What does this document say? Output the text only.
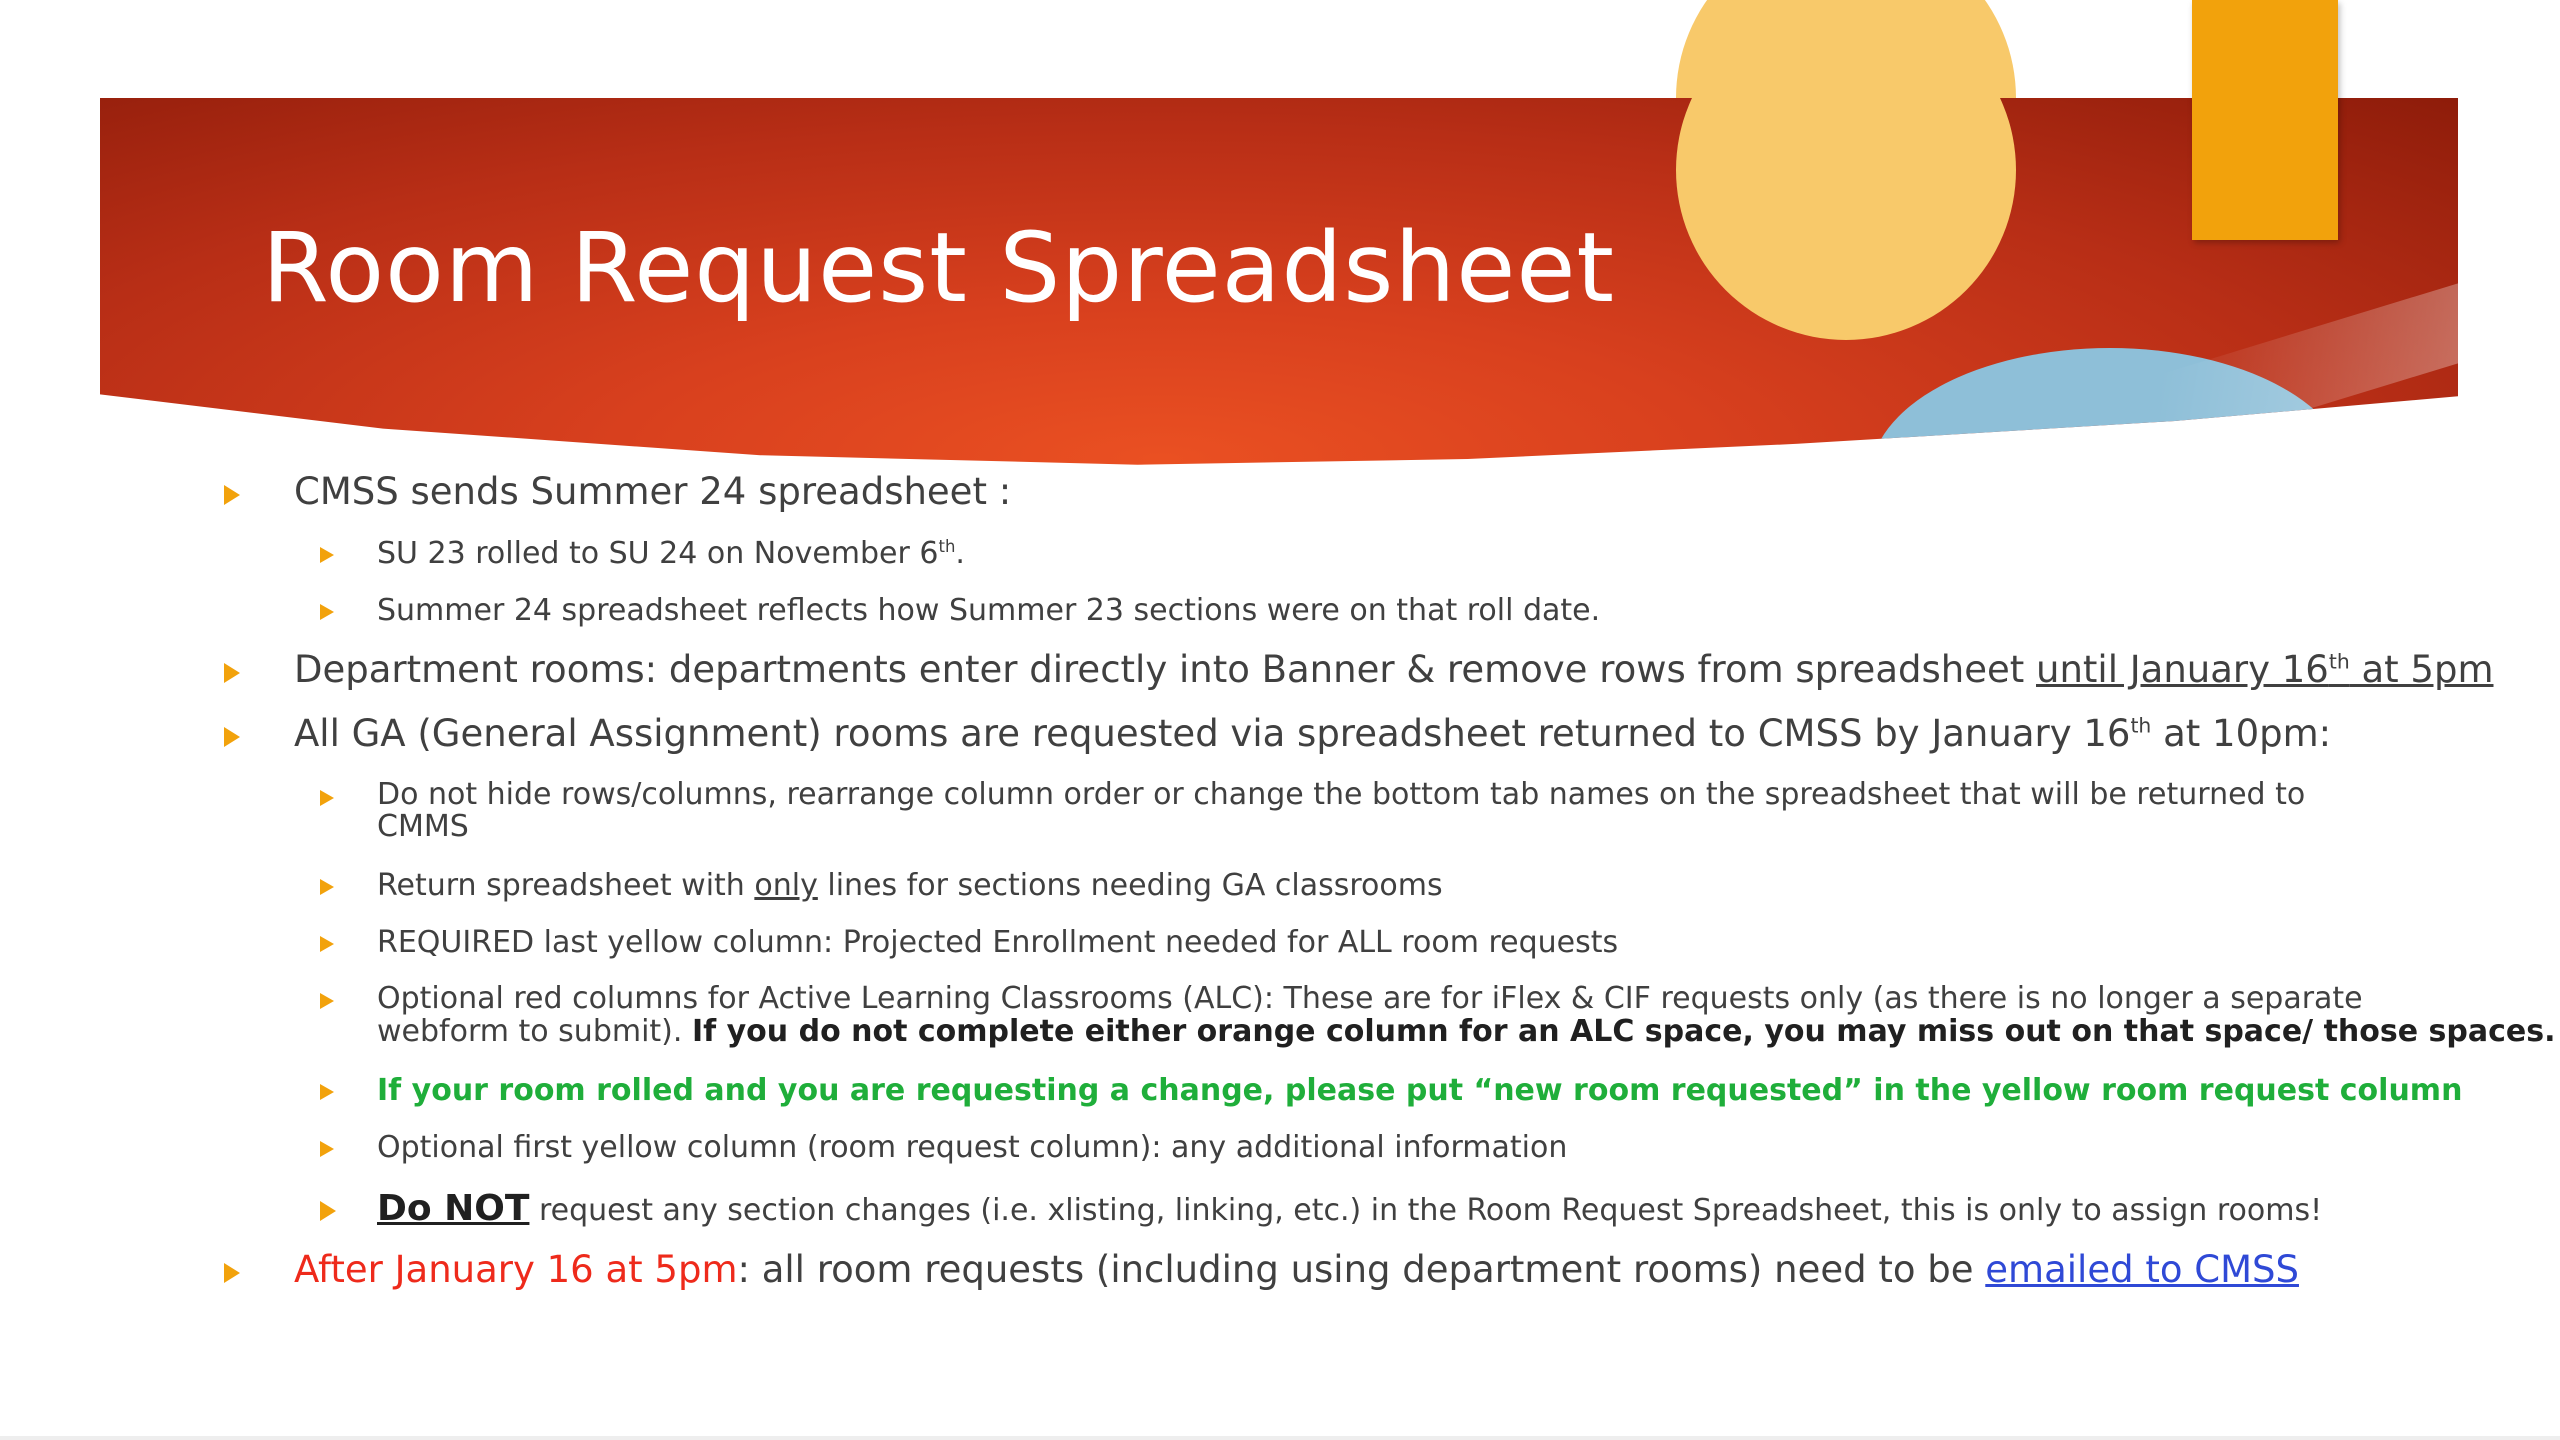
Room Request Spreadsheet
CMSS sends Summer 24 spreadsheet :
SU 23 rolled to SU 24 on November 6th.
Summer 24 spreadsheet reflects how Summer 23 sections were on that roll date.
Department rooms: departments enter directly into Banner & remove rows from spreadsheet until January 16th at 5pm
All GA (General Assignment) rooms are requested via spreadsheet returned to CMSS by January 16th at 10pm:
Do not hide rows/columns, rearrange column order or change the bottom tab names on the spreadsheet that will be returned to
CMMS
Return spreadsheet with only lines for sections needing GA classrooms
REQUIRED last yellow column: Projected Enrollment needed for ALL room requests
Optional red columns for Active Learning Classrooms (ALC): These are for iFlex & CIF requests only (as there is no longer a separate
webform to submit). If you do not complete either orange column for an ALC space, you may miss out on that space/ those spaces.
If your room rolled and you are requesting a change, please put “new room requested” in the yellow room request column
Optional first yellow column (room request column): any additional information
Do NOT request any section changes (i.e. xlisting, linking, etc.) in the Room Request Spreadsheet, this is only to assign rooms!
After January 16 at 5pm: all room requests (including using department rooms) need to be emailed to CMSS
